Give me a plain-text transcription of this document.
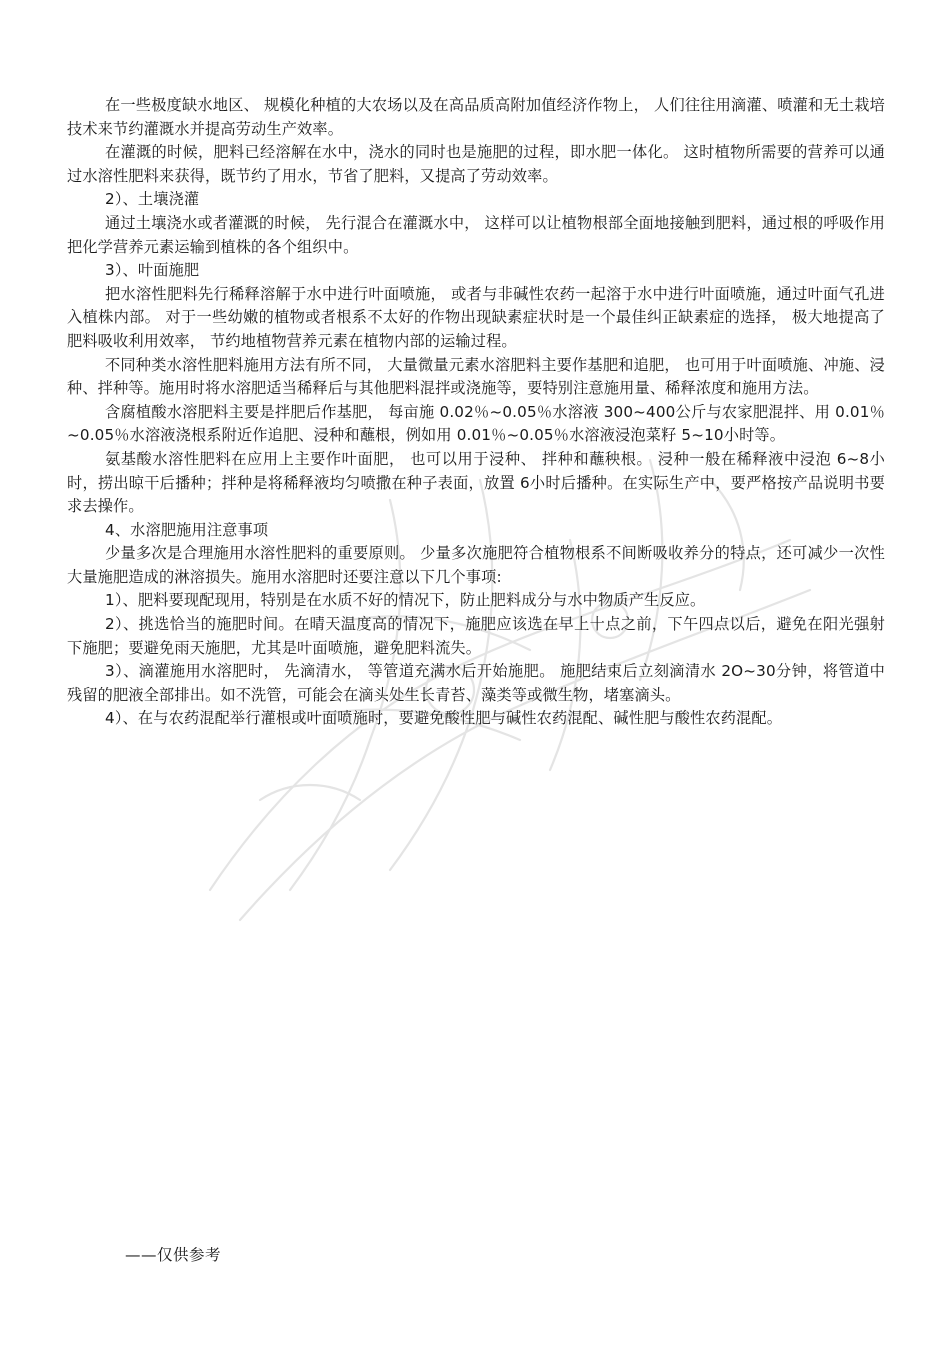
在一些极度缺水地区、 规模化种植的大农场以及在高品质高附加值经济作物上， 人们往往用滴灌、喷灌和无土栽培技术来节约灌溉水并提高劳动生产效率。

在灌溉的时候，肥料已经溶解在水中，浇水的同时也是施肥的过程，即水肥一体化。 这时植物所需要的营养可以通过水溶性肥料来获得，既节约了用水，节省了肥料，又提高了劳动效率。

2）、土壤浇灌

通过土壤浇水或者灌溉的时候， 先行混合在灌溉水中， 这样可以让植物根部全面地接触到肥料，通过根的呼吸作用把化学营养元素运输到植株的各个组织中。

3）、叶面施肥

把水溶性肥料先行稀释溶解于水中进行叶面喷施， 或者与非碱性农药一起溶于水中进行叶面喷施，通过叶面气孔进入植株内部。 对于一些幼嫩的植物或者根系不太好的作物出现缺素症状时是一个最佳纠正缺素症的选择， 极大地提高了肥料吸收利用效率， 节约地植物营养元素在植物内部的运输过程。

不同种类水溶性肥料施用方法有所不同， 大量微量元素水溶肥料主要作基肥和追肥， 也可用于叶面喷施、冲施、浸种、拌种等。施用时将水溶肥适当稀释后与其他肥料混拌或浇施等，要特别注意施用量、稀释浓度和施用方法。

含腐植酸水溶肥料主要是拌肥后作基肥， 每亩施 0.02％~0.05％水溶液 300~400公斤与农家肥混拌、用 0.01％~0.05％水溶液浇根系附近作追肥、浸种和蘸根，例如用 0.01％~0.05％水溶液浸泡菜籽 5~10小时等。

氨基酸水溶性肥料在应用上主要作叶面肥， 也可以用于浸种、 拌种和蘸秧根。 浸种一般在稀释液中浸泡 6~8小时，捞出晾干后播种；拌种是将稀释液均匀喷撒在种子表面，放置 6小时后播种。在实际生产中，要严格按产品说明书要求去操作。

4、水溶肥施用注意事项

少量多次是合理施用水溶性肥料的重要原则。 少量多次施肥符合植物根系不间断吸收养分的特点，还可减少一次性大量施肥造成的淋溶损失。施用水溶肥时还要注意以下几个事项:

1）、肥料要现配现用，特别是在水质不好的情况下，防止肥料成分与水中物质产生反应。

2）、挑选恰当的施肥时间。在晴天温度高的情况下，施肥应该选在早上十点之前，下午四点以后，避免在阳光强射下施肥；要避免雨天施肥，尤其是叶面喷施，避免肥料流失。

3）、滴灌施用水溶肥时， 先滴清水， 等管道充满水后开始施肥。 施肥结束后立刻滴清水 2O~30分钟，将管道中残留的肥液全部排出。如不洗管，可能会在滴头处生长青苔、藻类等或微生物，堵塞滴头。

4）、在与农药混配举行灌根或叶面喷施时，要避免酸性肥与碱性农药混配、碱性肥与酸性农药混配。

——仅供参考
